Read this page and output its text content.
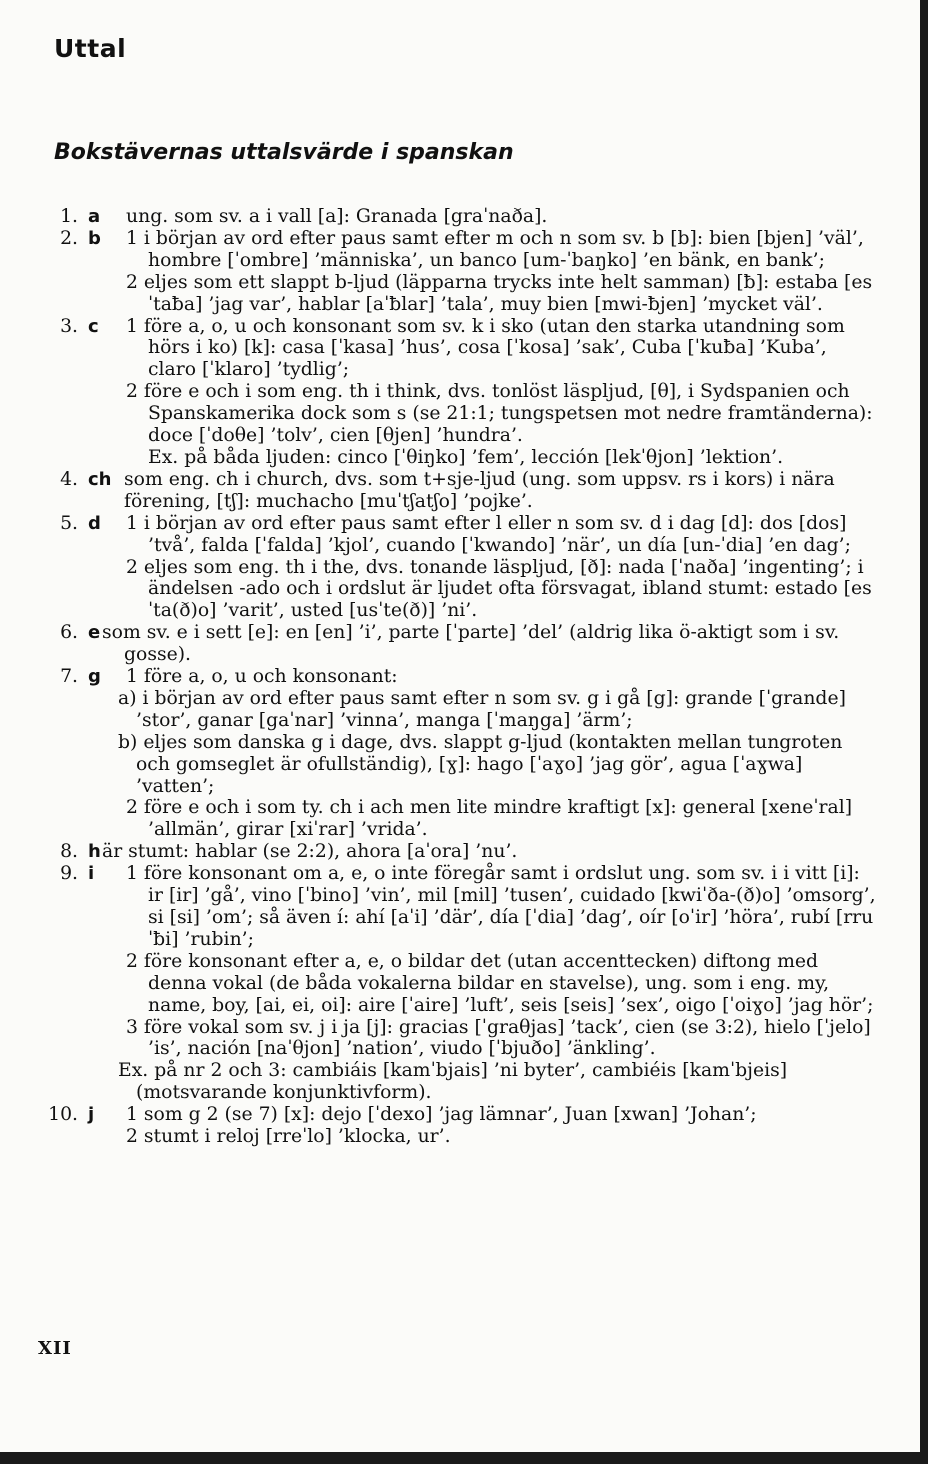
Uttal
Bokstävernas uttalsvärde i spanskan
1. a ung. som sv. a i vall [a]: Granada [graˈnaða].
2. b 1 i början av ord efter paus samt efter m och n som sv. b [b]: bien [bjen] ’väl’, hombre [ˈombre] ’människa’, un banco [um-ˈbaŋko] ’en bänk, en bank’;
2 eljes som ett slappt b-ljud (läpparna trycks inte helt samman) [ƀ]: estaba [esˈtaƀa] ’jag var’, hablar [aˈƀlar] ’tala’, muy bien [mwi-ƀjen] ’mycket väl’.
3. c 1 före a, o, u och konsonant som sv. k i sko (utan den starka utandning som hörs i ko) [k]: casa [ˈkasa] ’hus’, cosa [ˈkosa] ’sak’, Cuba [ˈkuƀa] ’Kuba’, claro [ˈklaro] ’tydlig’;
2 före e och i som eng. th i think, dvs. tonlöst läspljud, [θ], i Sydspanien och Spanskamerika dock som s (se 21:1; tungspetsen mot nedre framtänderna): doce [ˈdoθe] ’tolv’, cien [θjen] ’hundra’.
Ex. på båda ljuden: cinco [ˈθiŋko] ’fem’, lección [lekˈθjon] ’lektion’.
4. ch som eng. ch i church, dvs. som t+sje-ljud (ung. som uppsv. rs i kors) i nära förening, [tʃ]: muchacho [muˈtʃatʃo] ’pojke’.
5. d 1 i början av ord efter paus samt efter l eller n som sv. d i dag [d]: dos [dos] ’två’, falda [ˈfalda] ’kjol’, cuando [ˈkwando] ’när’, un día [un-ˈdia] ’en dag’;
2 eljes som eng. th i the, dvs. tonande läspljud, [ð]: nada [ˈnaða] ’ingenting’; i ändelsen -ado och i ordslut är ljudet ofta försvagat, ibland stumt: estado [esˈta(ð)o] ’varit’, usted [usˈte(ð)] ’ni’.
6. e som sv. e i sett [e]: en [en] ’i’, parte [ˈparte] ’del’ (aldrig lika ö-aktigt som i sv. gosse).
7. g 1 före a, o, u och konsonant:
a) i början av ord efter paus samt efter n som sv. g i gå [g]: grande [ˈgrande] ’stor’, ganar [gaˈnar] ’vinna’, manga [ˈmaŋga] ’ärm’;
b) eljes som danska g i dage, dvs. slappt g-ljud (kontakten mellan tungroten och gomseglet är ofullständig), [ɣ]: hago [ˈaɣo] ’jag gör’, agua [ˈaɣwa] ’vatten’;
2 före e och i som ty. ch i ach men lite mindre kraftigt [x]: general [xeneˈral] ’allmän’, girar [xiˈrar] ’vrida’.
8. h är stumt: hablar (se 2:2), ahora [aˈora] ’nu’.
9. i 1 före konsonant om a, e, o inte föregår samt i ordslut ung. som sv. i i vitt [i]: ir [ir] ’gå’, vino [ˈbino] ’vin’, mil [mil] ’tusen’, cuidado [kwiˈða-(ð)o] ’omsorg’, si [si] ’om’; så även í: ahí [aˈi] ’där’, día [ˈdia] ’dag’, oír [oˈir] ’höra’, rubí [rruˈƀi] ’rubin’;
2 före konsonant efter a, e, o bildar det (utan accenttecken) diftong med denna vokal (de båda vokalerna bildar en stavelse), ung. som i eng. my, name, boy, [ai, ei, oi]: aire [ˈaire] ’luft’, seis [seis] ’sex’, oigo [ˈoiɣo] ’jag hör’;
3 före vokal som sv. j i ja [j]: gracias [ˈgraθjas] ’tack’, cien (se 3:2), hielo [ˈjelo] ’is’, nación [naˈθjon] ’nation’, viudo [ˈbjuðo] ’änkling’.
Ex. på nr 2 och 3: cambiáis [kamˈbjais] ’ni byter’, cambiéis [kamˈbjeis] (motsvarande konjunktivform).
10. j 1 som g 2 (se 7) [x]: dejo [ˈdexo] ’jag lämnar’, Juan [xwan] ’Johan’;
2 stumt i reloj [rreˈlo] ’klocka, ur’.
XII
